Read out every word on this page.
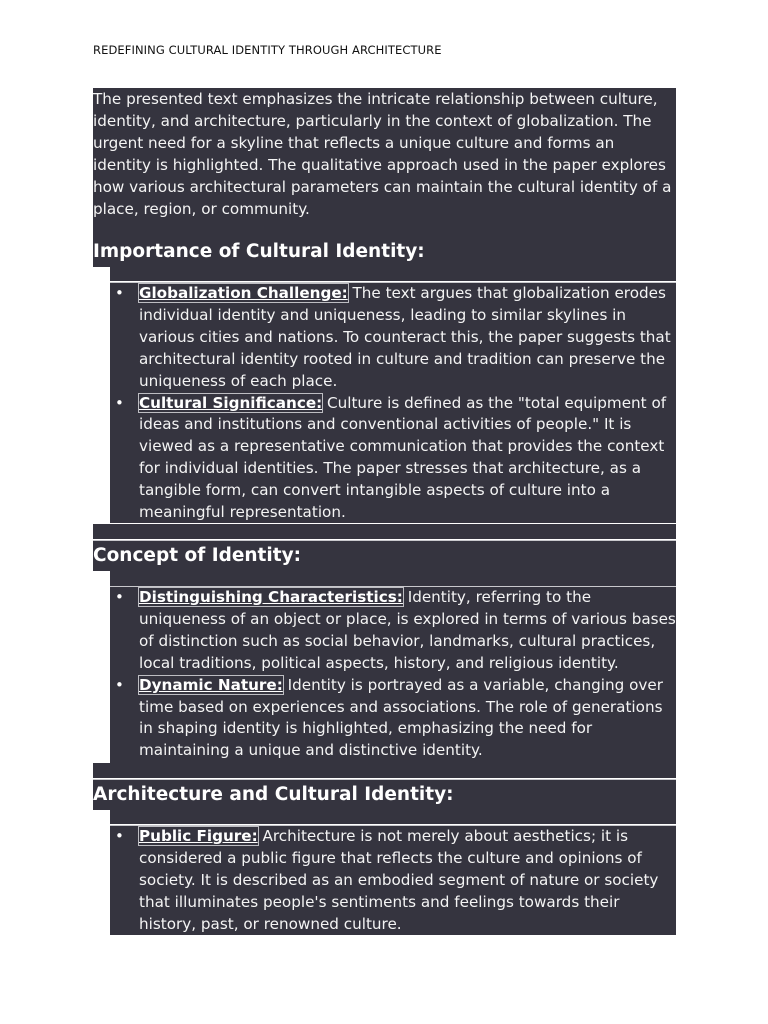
REDEFINING CULTURAL IDENTITY THROUGH ARCHITECTURE

The presented text emphasizes the intricate relationship between culture, identity, and architecture, particularly in the context of globalization. The urgent need for a skyline that reflects a unique culture and forms an identity is highlighted. The qualitative approach used in the paper explores how various architectural parameters can maintain the cultural identity of a place, region, or community.

Importance of Cultural Identity:
• Globalization Challenge: The text argues that globalization erodes individual identity and uniqueness, leading to similar skylines in various cities and nations. To counteract this, the paper suggests that architectural identity rooted in culture and tradition can preserve the uniqueness of each place.
• Cultural Significance: Culture is defined as the "total equipment of ideas and institutions and conventional activities of people." It is viewed as a representative communication that provides the context for individual identities. The paper stresses that architecture, as a tangible form, can convert intangible aspects of culture into a meaningful representation.
Concept of Identity:
• Distinguishing Characteristics: Identity, referring to the uniqueness of an object or place, is explored in terms of various bases of distinction such as social behavior, landmarks, cultural practices, local traditions, political aspects, history, and religious identity.
• Dynamic Nature: Identity is portrayed as a variable, changing over time based on experiences and associations. The role of generations in shaping identity is highlighted, emphasizing the need for maintaining a unique and distinctive identity.
Architecture and Cultural Identity:
• Public Figure: Architecture is not merely about aesthetics; it is considered a public figure that reflects the culture and opinions of society. It is described as an embodied segment of nature or society that illuminates people's sentiments and feelings towards their history, past, or renowned culture.
